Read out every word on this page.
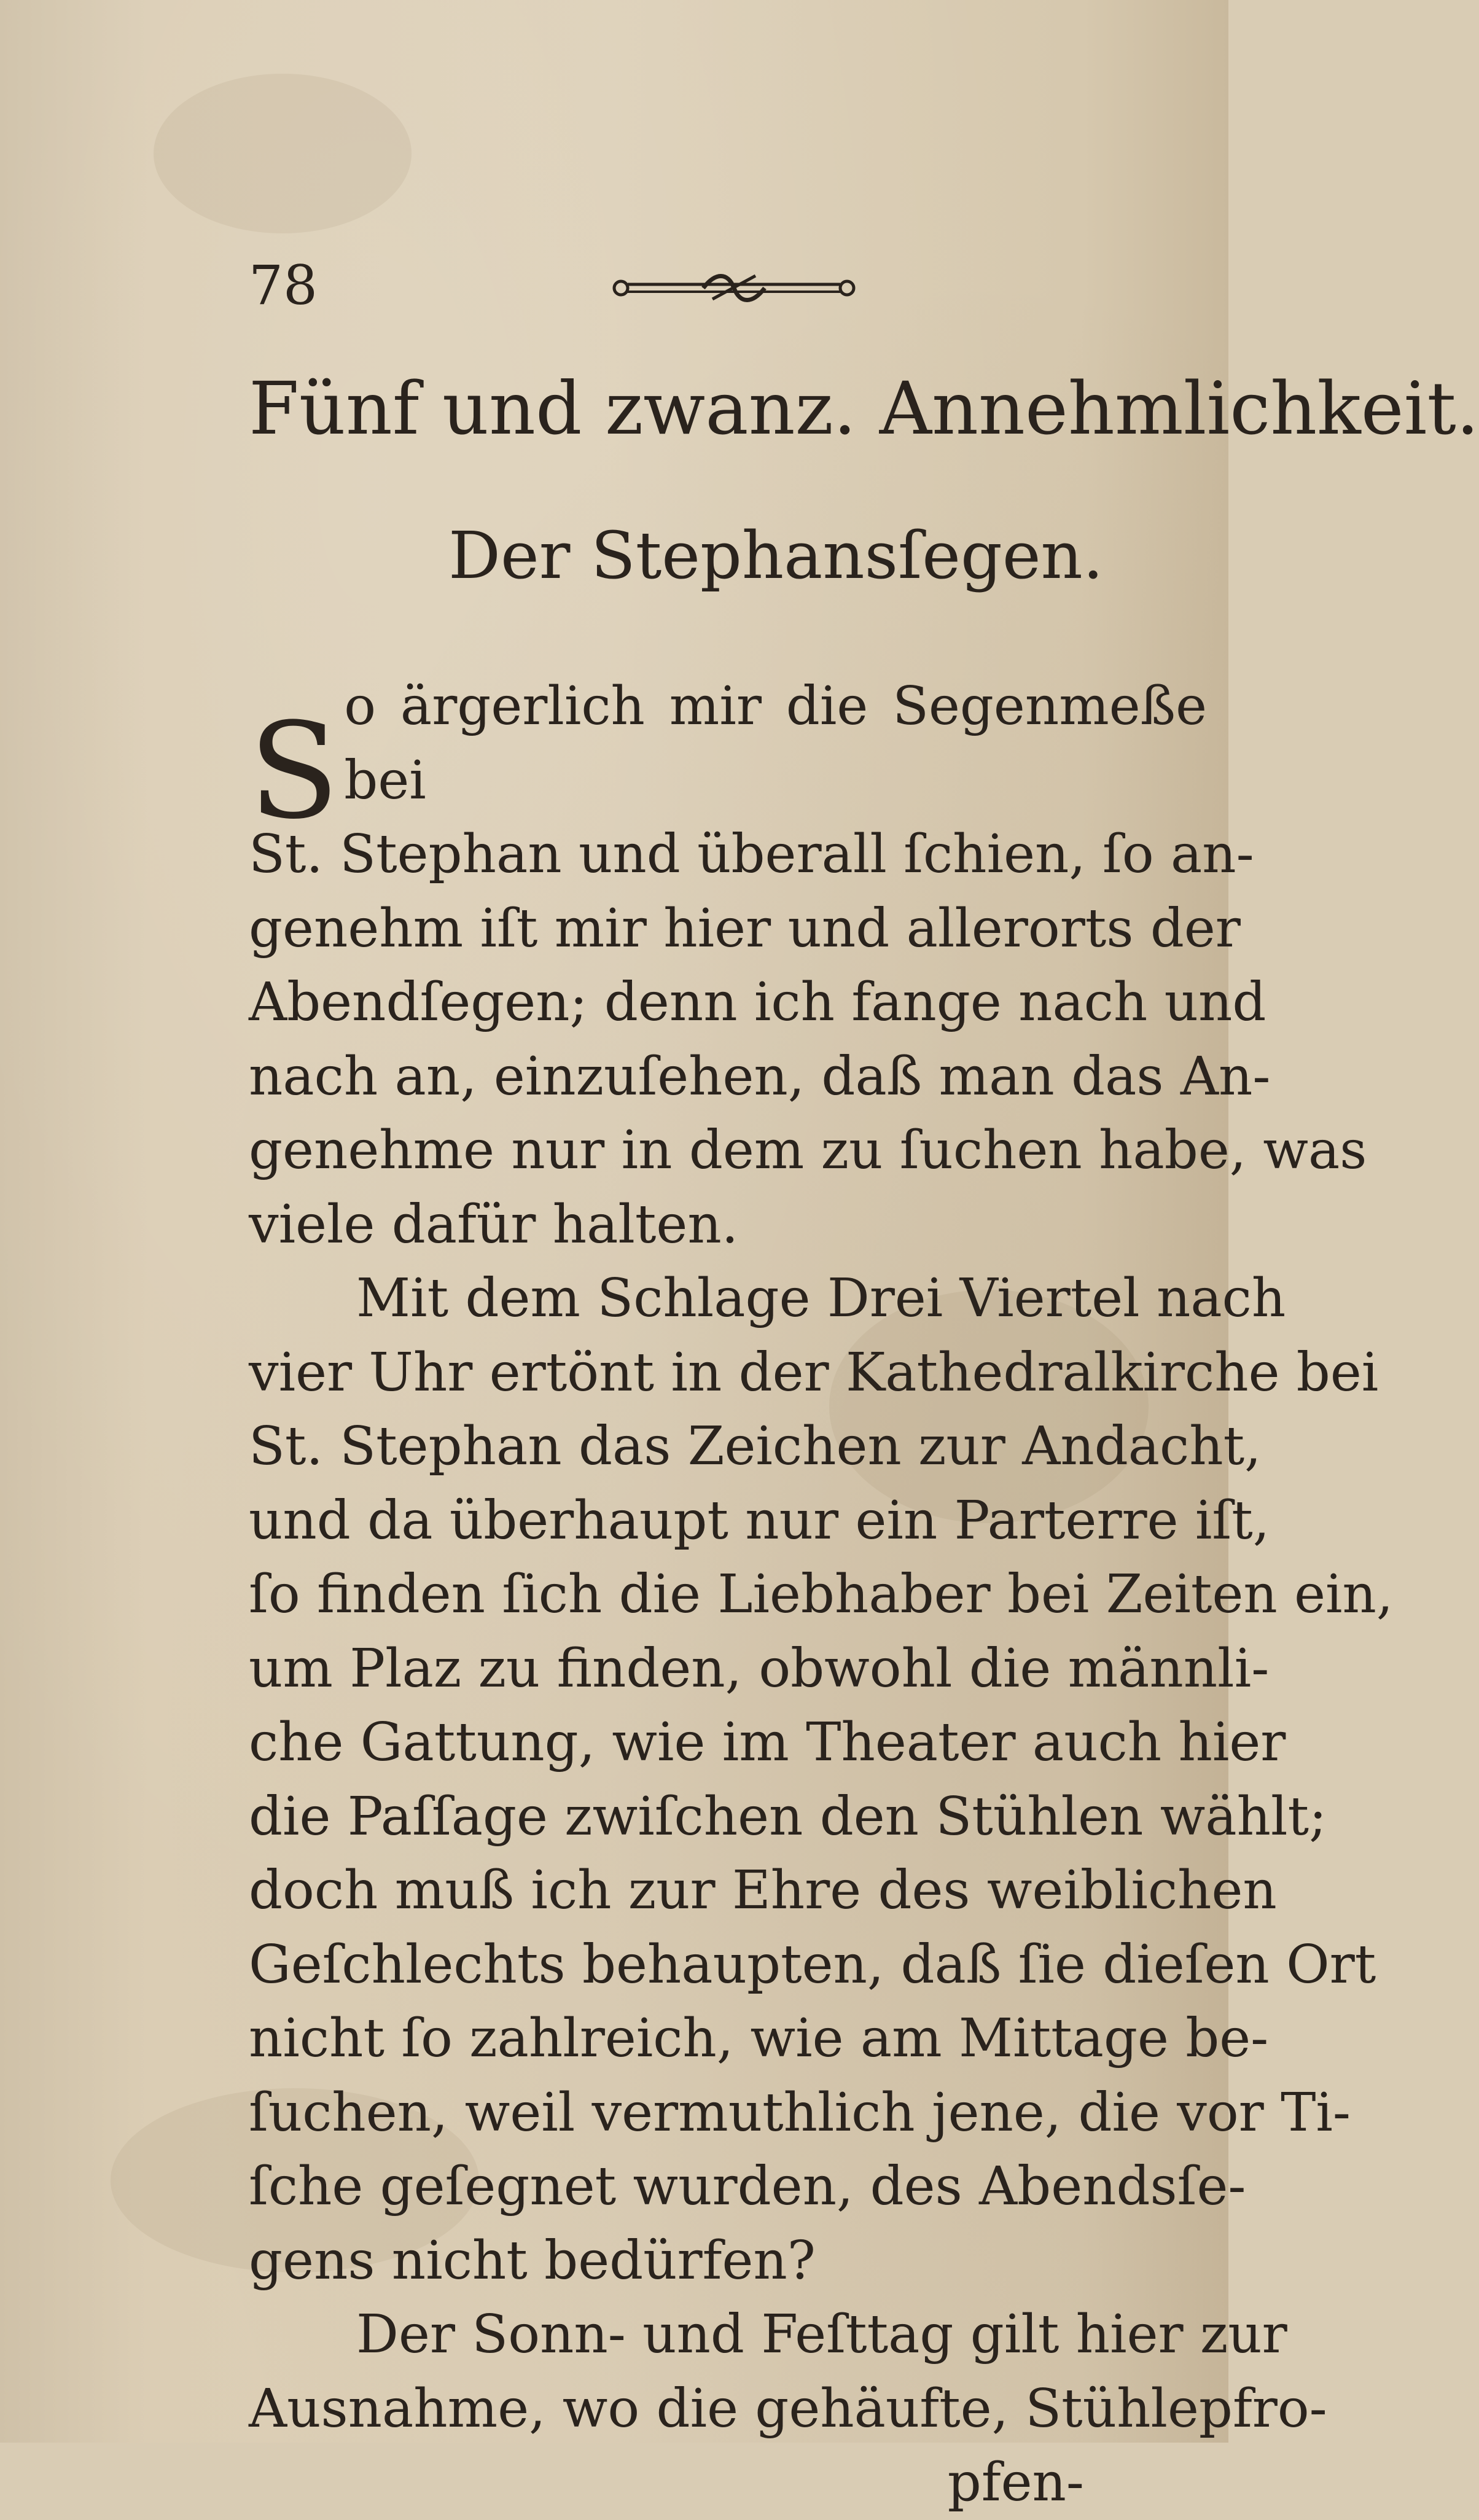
78
Fünf und zwanz. Annehmlichkeit.
Der Stephansſegen.
S o ärgerlich mir die Segenmeße bei
St. Stephan und überall ſchien, ſo an-
genehm iſt mir hier und allerorts der
Abendſegen; denn ich fange nach und
nach an, einzuſehen, daß man das An-
genehme nur in dem zu ſuchen habe, was
viele dafür halten.
Mit dem Schlage Drei Viertel nach
vier Uhr ertönt in der Kathedralkirche bei
St. Stephan das Zeichen zur Andacht,
und da überhaupt nur ein Parterre iſt,
ſo finden ſich die Liebhaber bei Zeiten ein,
um Plaz zu finden, obwohl die männli-
che Gattung, wie im Theater auch hier
die Paſſage zwiſchen den Stühlen wählt;
doch muß ich zur Ehre des weiblichen
Geſchlechts behaupten, daß ſie dieſen Ort
nicht ſo zahlreich, wie am Mittage be-
ſuchen, weil vermuthlich jene, die vor Ti-
ſche geſegnet wurden, des Abendsſe-
gens nicht bedürfen?
Der Sonn- und Feſttag gilt hier zur
Ausnahme, wo die gehäufte, Stühlepfro-
pfen-
